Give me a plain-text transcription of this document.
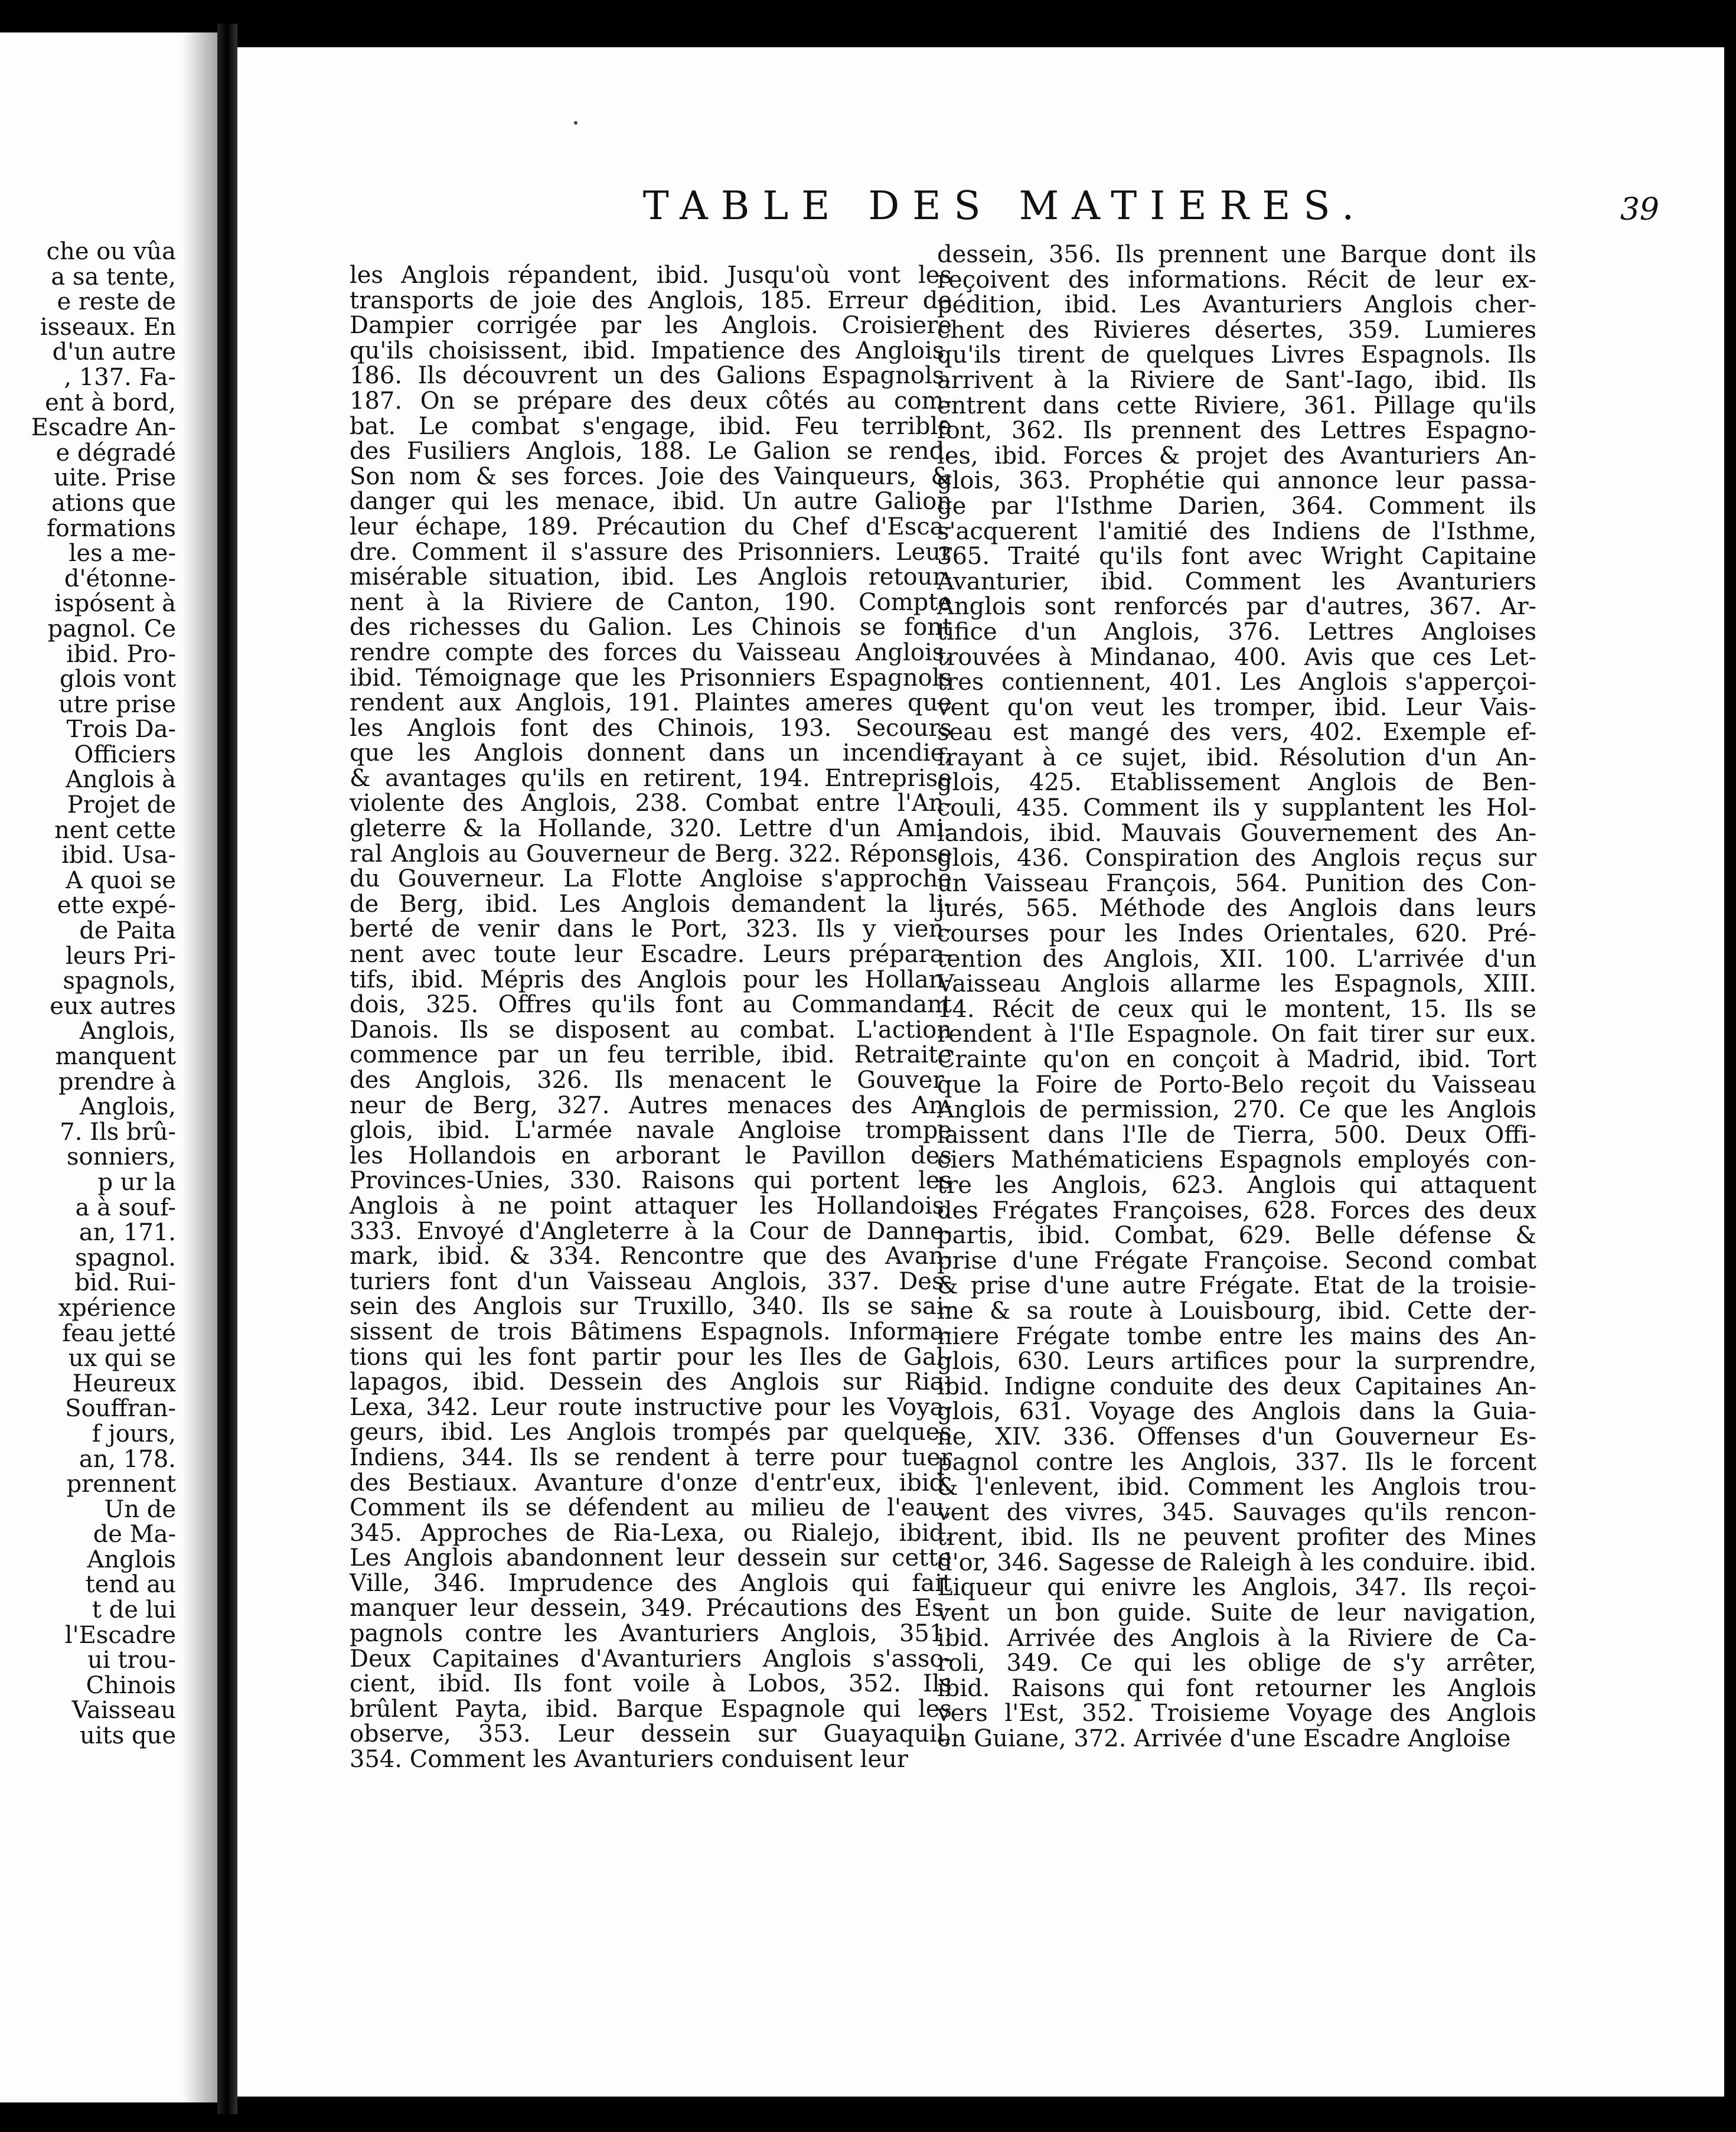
che ou vûa
a sa tente,
e reste de
isseaux. En
d'un autre
, 137. Fa-
ent à bord,
Escadre An-
e dégradé
uite. Prise
ations que
formations
les a me-
d'étonne-
ispósent à
pagnol. Ce
ibid. Pro-
glois vont
utre prise
Trois Da-
Officiers
Anglois à
Projet de
nent cette
ibid. Usa-
A quoi se
ette expé-
de Paita
leurs Pri-
spagnols,
eux autres
Anglois,
manquent
prendre à
Anglois,
7. Ils brû-
sonniers,
p ur la
a à souf-
an, 171.
spagnol.
bid. Rui-
xpérience
feau jetté
ux qui se
Heureux
Souffran-
f jours,
an, 178.
prennent
Un de
de Ma-
Anglois
tend au
t de lui
l'Escadre
ui trou-
Chinois
Vaisseau
uits que
TABLE DES MATIERES.	39
les Anglois répandent, ibid. Jusqu'où vont les
transports de joie des Anglois, 185. Erreur de
Dampier corrigée par les Anglois. Croisiere
qu'ils choisissent, ibid. Impatience des Anglois,
186. Ils découvrent un des Galions Espagnols,
187. On se prépare des deux côtés au com-
bat. Le combat s'engage, ibid. Feu terrible
des Fusiliers Anglois, 188. Le Galion se rend.
Son nom & ses forces. Joie des Vainqueurs, &
danger qui les menace, ibid. Un autre Galion
leur échape, 189. Précaution du Chef d'Esca-
dre. Comment il s'assure des Prisonniers. Leur
misérable situation, ibid. Les Anglois retour-
nent à la Riviere de Canton, 190. Compte
des richesses du Galion. Les Chinois se font
rendre compte des forces du Vaisseau Anglois,
ibid. Témoignage que les Prisonniers Espagnols
rendent aux Anglois, 191. Plaintes ameres que
les Anglois font des Chinois, 193. Secours
que les Anglois donnent dans un incendie,
& avantages qu'ils en retirent, 194. Entreprise
violente des Anglois, 238. Combat entre l'An-
gleterre & la Hollande, 320. Lettre d'un Ami-
ral Anglois au Gouverneur de Berg. 322. Réponse
du Gouverneur. La Flotte Angloise s'approche
de Berg, ibid. Les Anglois demandent la li-
berté de venir dans le Port, 323. Ils y vien-
nent avec toute leur Escadre. Leurs prépara-
tifs, ibid. Mépris des Anglois pour les Hollan-
dois, 325. Offres qu'ils font au Commandant
Danois. Ils se disposent au combat. L'action
commence par un feu terrible, ibid. Retraite
des Anglois, 326. Ils menacent le Gouver-
neur de Berg, 327. Autres menaces des An-
glois, ibid. L'armée navale Angloise trompe
les Hollandois en arborant le Pavillon des
Provinces-Unies, 330. Raisons qui portent les
Anglois à ne point attaquer les Hollandois,
333. Envoyé d'Angleterre à la Cour de Danne-
mark, ibid. & 334. Rencontre que des Avan-
turiers font d'un Vaisseau Anglois, 337. Des-
sein des Anglois sur Truxillo, 340. Ils se sai-
sissent de trois Bâtimens Espagnols. Informa-
tions qui les font partir pour les Iles de Gal-
lapagos, ibid. Dessein des Anglois sur Ria-
Lexa, 342. Leur route instructive pour les Voya-
geurs, ibid. Les Anglois trompés par quelques
Indiens, 344. Ils se rendent à terre pour tuer
des Bestiaux. Avanture d'onze d'entr'eux, ibid.
Comment ils se défendent au milieu de l'eau,
345. Approches de Ria-Lexa, ou Rialejo, ibid.
Les Anglois abandonnent leur dessein sur cette
Ville, 346. Imprudence des Anglois qui fait
manquer leur dessein, 349. Précautions des Es-
pagnols contre les Avanturiers Anglois, 351.
Deux Capitaines d'Avanturiers Anglois s'asso-
cient, ibid. Ils font voile à Lobos, 352. Ils
brûlent Payta, ibid. Barque Espagnole qui les
observe, 353. Leur dessein sur Guayaquil,
354. Comment les Avanturiers conduisent leur
dessein, 356. Ils prennent une Barque dont ils
reçoivent des informations. Récit de leur ex-
pédition, ibid. Les Avanturiers Anglois cher-
chent des Rivieres désertes, 359. Lumieres
qu'ils tirent de quelques Livres Espagnols. Ils
arrivent à la Riviere de Sant'-Iago, ibid. Ils
entrent dans cette Riviere, 361. Pillage qu'ils
font, 362. Ils prennent des Lettres Espagno-
les, ibid. Forces & projet des Avanturiers An-
glois, 363. Prophétie qui annonce leur passa-
ge par l'Isthme Darien, 364. Comment ils
s'acquerent l'amitié des Indiens de l'Isthme,
365. Traité qu'ils font avec Wright Capitaine
Avanturier, ibid. Comment les Avanturiers
Anglois sont renforcés par d'autres, 367. Ar-
tifice d'un Anglois, 376. Lettres Angloises
trouvées à Mindanao, 400. Avis que ces Let-
tres contiennent, 401. Les Anglois s'apperçoi-
vent qu'on veut les tromper, ibid. Leur Vais-
seau est mangé des vers, 402. Exemple ef-
frayant à ce sujet, ibid. Résolution d'un An-
glois, 425. Etablissement Anglois de Ben-
couli, 435. Comment ils y supplantent les Hol-
landois, ibid. Mauvais Gouvernement des An-
glois, 436. Conspiration des Anglois reçus sur
un Vaisseau François, 564. Punition des Con-
jurés, 565. Méthode des Anglois dans leurs
courses pour les Indes Orientales, 620. Pré-
tention des Anglois, XII. 100. L'arrivée d'un
Vaisseau Anglois allarme les Espagnols, XIII.
14. Récit de ceux qui le montent, 15. Ils se
rendent à l'Ile Espagnole. On fait tirer sur eux.
Crainte qu'on en conçoit à Madrid, ibid. Tort
que la Foire de Porto-Belo reçoit du Vaisseau
Anglois de permission, 270. Ce que les Anglois
laissent dans l'Ile de Tierra, 500. Deux Offi-
ciers Mathématiciens Espagnols employés con-
tre les Anglois, 623. Anglois qui attaquent
des Frégates Françoises, 628. Forces des deux
partis, ibid. Combat, 629. Belle défense &
prise d'une Frégate Françoise. Second combat
& prise d'une autre Frégate. Etat de la troisie-
me & sa route à Louisbourg, ibid. Cette der-
niere Frégate tombe entre les mains des An-
glois, 630. Leurs artifices pour la surprendre,
ibid. Indigne conduite des deux Capitaines An-
glois, 631. Voyage des Anglois dans la Guia-
ne, XIV. 336. Offenses d'un Gouverneur Es-
pagnol contre les Anglois, 337. Ils le forcent
& l'enlevent, ibid. Comment les Anglois trou-
vent des vivres, 345. Sauvages qu'ils rencon-
trent, ibid. Ils ne peuvent profiter des Mines
d'or, 346. Sagesse de Raleigh à les conduire. ibid.
Liqueur qui enivre les Anglois, 347. Ils reçoi-
vent un bon guide. Suite de leur navigation,
ibid. Arrivée des Anglois à la Riviere de Ca-
roli, 349. Ce qui les oblige de s'y arrêter,
ibid. Raisons qui font retourner les Anglois
vers l'Est, 352. Troisieme Voyage des Anglois
en Guiane, 372. Arrivée d'une Escadre Angloise
